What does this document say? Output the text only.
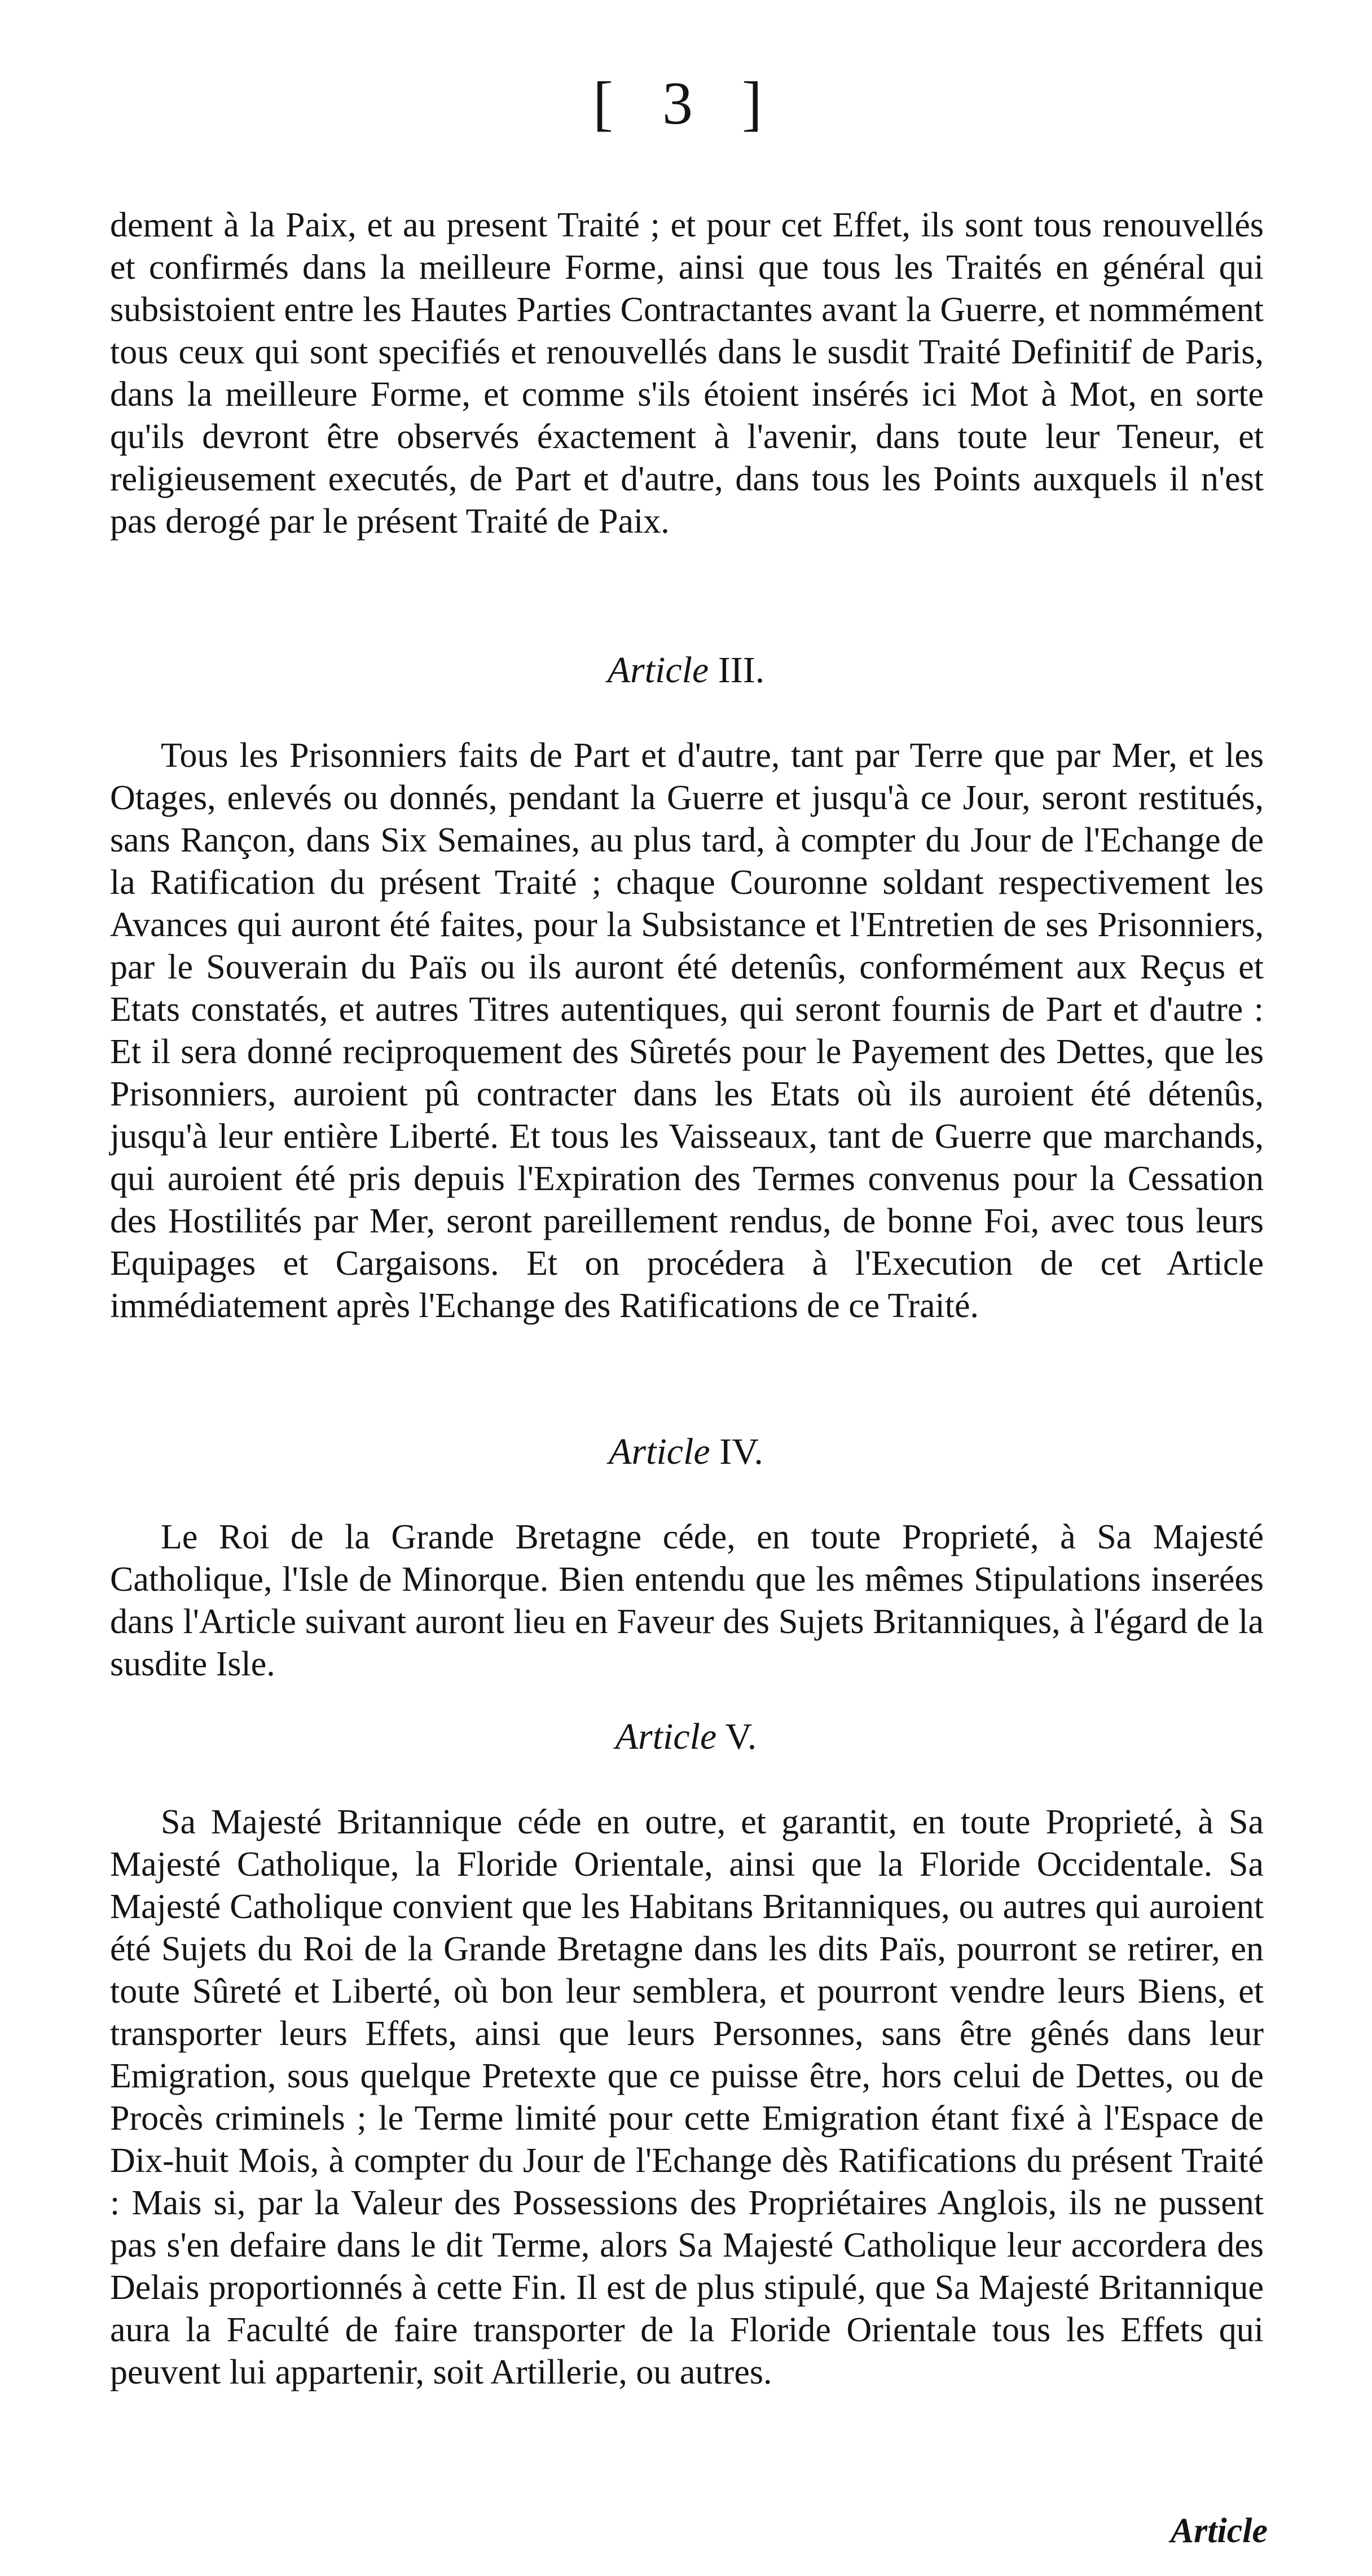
[ 3 ]

dement à la Paix, et au present Traité ; et pour cet Effet, ils sont tous renouvellés et confirmés dans la meilleure Forme, ainsi que tous les Traités en général qui subsistoient entre les Hautes Parties Contractantes avant la Guerre, et nommément tous ceux qui sont specifiés et renouvellés dans le susdit Traité Definitif de Paris, dans la meilleure Forme, et comme s'ils étoient insérés ici Mot à Mot, en sorte qu'ils devront être observés éxactement à l'avenir, dans toute leur Teneur, et religieusement executés, de Part et d'autre, dans tous les Points auxquels il n'est pas derogé par le présent Traité de Paix.

Article III.

Tous les Prisonniers faits de Part et d'autre, tant par Terre que par Mer, et les Otages, enlevés ou donnés, pendant la Guerre et jusqu'à ce Jour, seront restitués, sans Rançon, dans Six Semaines, au plus tard, à compter du Jour de l'Echange de la Ratification du présent Traité ; chaque Couronne soldant respectivement les Avances qui auront été faites, pour la Subsistance et l'Entretien de ses Prisonniers, par le Souverain du Païs ou ils auront été detenûs, conformément aux Reçus et Etats constatés, et autres Titres autentiques, qui seront fournis de Part et d'autre : Et il sera donné reciproquement des Sûretés pour le Payement des Dettes, que les Prisonniers, auroient pû contracter dans les Etats où ils auroient été détenûs, jusqu'à leur entière Liberté. Et tous les Vaisseaux, tant de Guerre que marchands, qui auroient été pris depuis l'Expiration des Termes convenus pour la Cessation des Hostilités par Mer, seront pareillement rendus, de bonne Foi, avec tous leurs Equipages et Cargaisons. Et on procédera à l'Execution de cet Article immédiatement après l'Echange des Ratifications de ce Traité.

Article IV.

Le Roi de la Grande Bretagne céde, en toute Proprieté, à Sa Majesté Catholique, l'Isle de Minorque. Bien entendu que les mêmes Stipulations inserées dans l'Article suivant auront lieu en Faveur des Sujets Britanniques, à l'égard de la susdite Isle.

Article V.

Sa Majesté Britannique céde en outre, et garantit, en toute Proprieté, à Sa Majesté Catholique, la Floride Orientale, ainsi que la Floride Occidentale. Sa Majesté Catholique convient que les Habitans Britanniques, ou autres qui auroient été Sujets du Roi de la Grande Bretagne dans les dits Païs, pourront se retirer, en toute Sûreté et Liberté, où bon leur semblera, et pourront vendre leurs Biens, et transporter leurs Effets, ainsi que leurs Personnes, sans être gênés dans leur Emigration, sous quelque Pretexte que ce puisse être, hors celui de Dettes, ou de Procès criminels ; le Terme limité pour cette Emigration étant fixé à l'Espace de Dix-huit Mois, à compter du Jour de l'Echange dès Ratifications du présent Traité : Mais si, par la Valeur des Possessions des Propriétaires Anglois, ils ne pussent pas s'en defaire dans le dit Terme, alors Sa Majesté Catholique leur accordera des Delais proportionnés à cette Fin. Il est de plus stipulé, que Sa Majesté Britannique aura la Faculté de faire transporter de la Floride Orientale tous les Effets qui peuvent lui appartenir, soit Artillerie, ou autres.

Article
